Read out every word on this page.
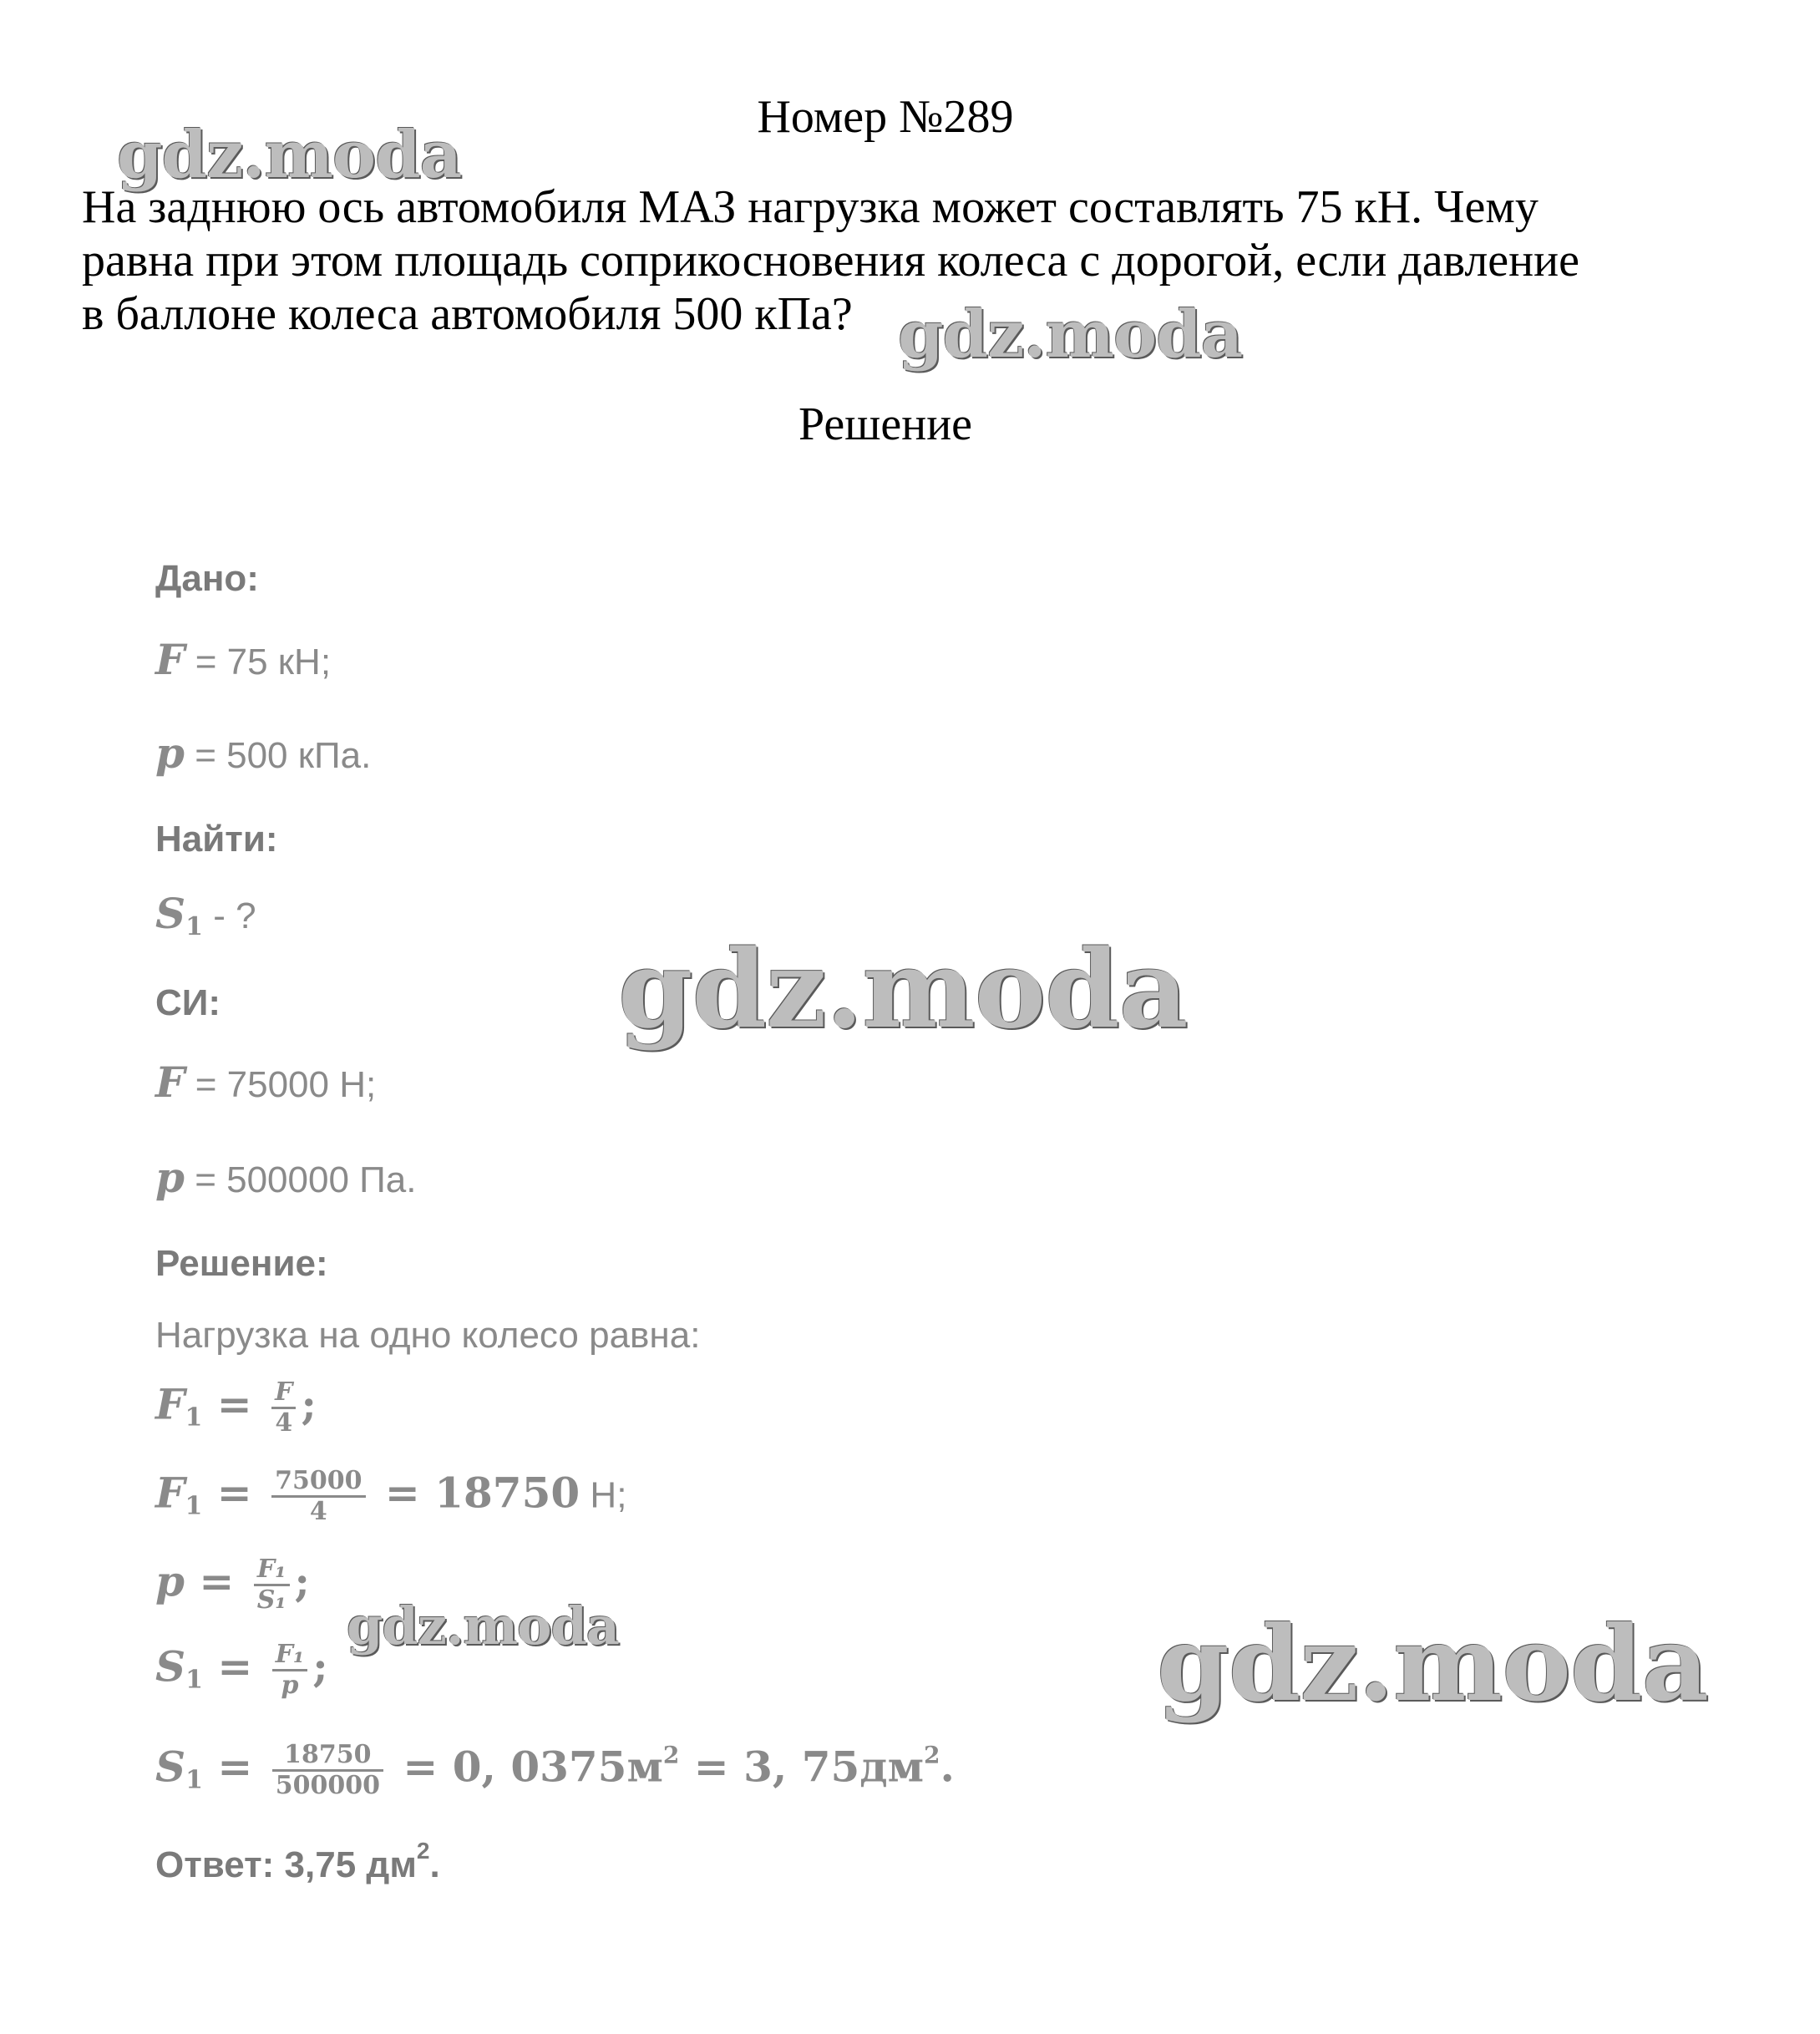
Номер №289
На заднюю ось автомобиля МАЗ нагрузка может составлять 75 кН. Чему
равна при этом площадь соприкосновения колеса с дорогой, если давление
в баллоне колеса автомобиля 500 кПа?
Решение
Дано:
F = 75 кН;
p = 500 кПа.
Найти:
$S_1$ - ?
СИ:
F = 75000 Н;
p = 500000 Па.
Решение:
Нагрузка на одно колесо равна:
$F_1 = \frac{F}{4}$ ;
$F_1 = \frac{75000}{4} = 18750$ Н;
$p = \frac{\text{F₁}}{\text{S₁}}$ ;
$S_1 = \frac{\text{F₁}}{p}$ ;
$S_1 = \frac{18750}{500000} = 0$, $0375м^2 = 3$, $75дм^2$.
Ответ: 3,75 $дм^2$.
gdz.moda
gdz.moda
gdz.moda
gdz.moda	gdz.moda
